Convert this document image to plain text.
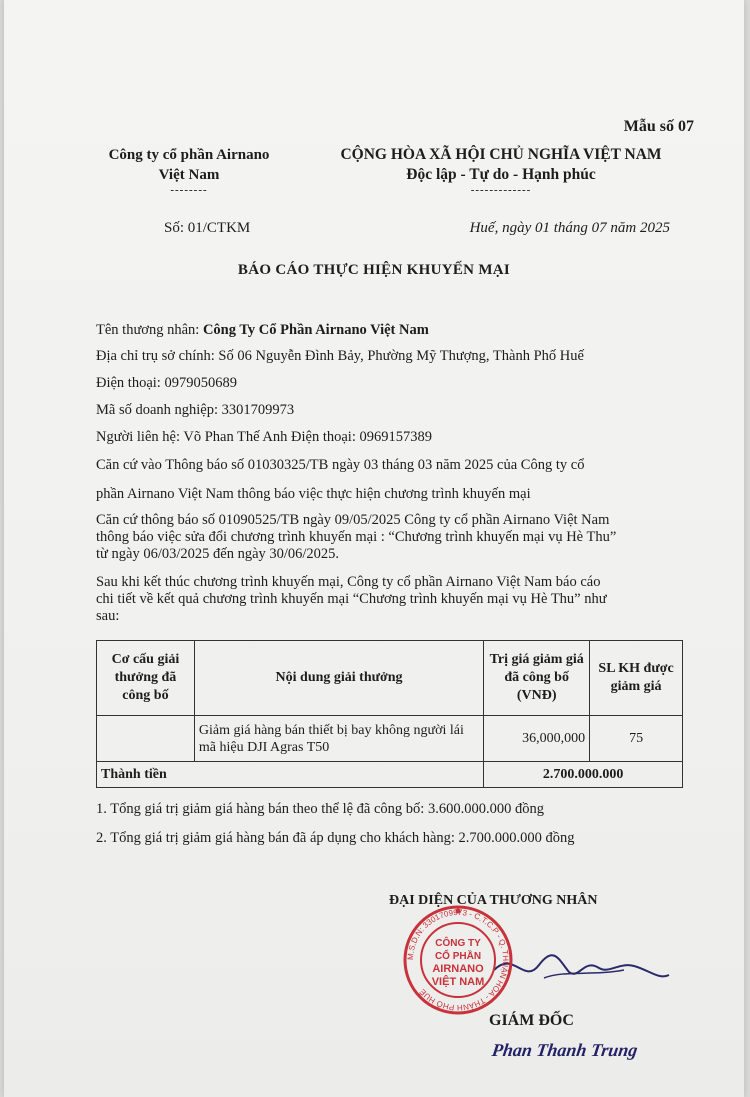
Mẫu số 07
Công ty cổ phần Airnano
Việt Nam
--------
CỘNG HÒA XÃ HỘI CHỦ NGHĨA VIỆT NAM
Độc lập - Tự do - Hạnh phúc
-------------
Số: 01/CTKM	Huế, ngày 01 tháng 07 năm 2025
BÁO CÁO THỰC HIỆN KHUYẾN MẠI
Tên thương nhân: Công Ty Cổ Phần Airnano Việt Nam
Địa chỉ trụ sở chính: Số 06 Nguyễn Đình Bảy, Phường Mỹ Thượng, Thành Phố Huế
Điện thoại: 0979050689
Mã số doanh nghiệp: 3301709973
Người liên hệ: Võ Phan Thế Anh Điện thoại: 0969157389
Căn cứ vào Thông báo số 01030325/TB ngày 03 tháng 03 năm 2025 của Công ty cổ
phần Airnano Việt Nam thông báo việc thực hiện chương trình khuyến mại
Căn cứ thông báo số 01090525/TB ngày 09/05/2025 Công ty cổ phần Airnano Việt Nam
thông báo việc sửa đổi chương trình khuyến mại : “Chương trình khuyến mại vụ Hè Thu”
từ ngày 06/03/2025 đến ngày 30/06/2025.
Sau khi kết thúc chương trình khuyến mại, Công ty cổ phần Airnano Việt Nam báo cáo
chi tiết về kết quả chương trình khuyến mại “Chương trình khuyến mại vụ Hè Thu” như
sau:
Cơ cấu giải thưởng đã công bố	Nội dung giải thưởng	Trị giá giảm giá đã công bố (VNĐ)	SL KH được giảm giá
	Giảm giá hàng bán thiết bị bay không người lái mã hiệu DJI Agras T50	36,000,000	75
Thành tiền		2.700.000.000	
1. Tổng giá trị giảm giá hàng bán theo thể lệ đã công bố: 3.600.000.000 đồng
2. Tổng giá trị giảm giá hàng bán đã áp dụng cho khách hàng: 2.700.000.000 đồng
ĐẠI DIỆN CỦA THƯƠNG NHÂN
M.S.D.N: 3301709973 - C.T.C.P - Q. THUẬN HÓA - THÀNH PHỐ HUẾ
CÔNG TY
CỔ PHẦN
AIRNANO
VIỆT NAM
GIÁM ĐỐC
Phan Thanh Trung
